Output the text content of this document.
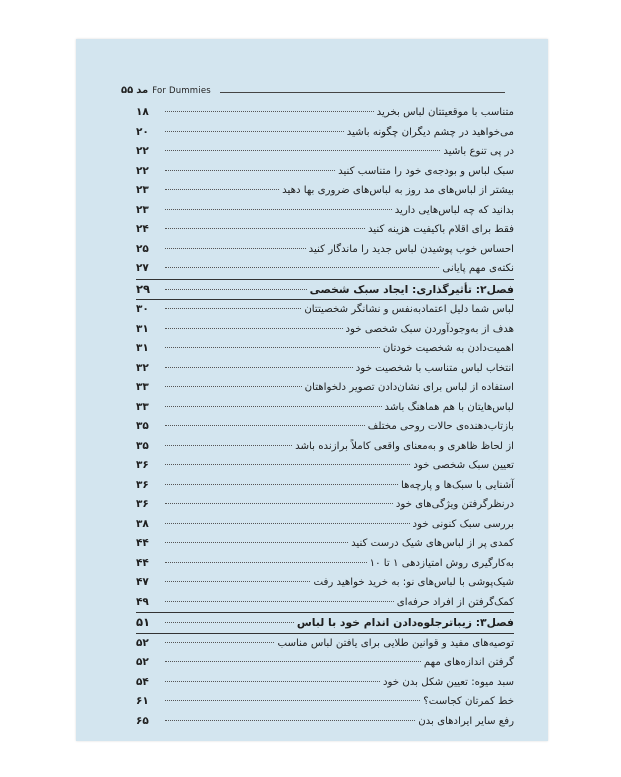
۵۵ مد For Dummies
متناسب با موقعیتتان لباس بخرید
۱۸
می‌خواهید در چشم دیگران چگونه باشید
۲۰
در پی تنوع باشید
۲۲
سبک لباس و بودجه‌ی خود را متناسب کنید
۲۲
بیشتر از لباس‌های مد روز به لباس‌های ضروری بها دهید
۲۳
بدانید که چه لباس‌هایی دارید
۲۳
فقط برای اقلام باکیفیت هزینه کنید
۲۴
احساس خوب پوشیدن لباس جدید را ماندگار کنید
۲۵
نکته‌ی مهم پایانی
۲۷
فصل۲: تأثیرگذاری: ایجاد سبک شخصی
۲۹
لباس شما دلیل اعتمادبه‌نفس و نشانگر شخصیتتان
۳۰
هدف از به‌وجودآوردن سبک شخصی خود
۳۱
اهمیت‌دادن به شخصیت خودتان
۳۱
انتخاب لباس متناسب با شخصیت خود
۳۲
استفاده از لباس برای نشان‌دادن تصویر دلخواهتان
۳۳
لباس‌هایتان با هم هماهنگ باشد
۳۳
بازتاب‌دهنده‌ی حالات روحی مختلف
۳۵
از لحاظ ظاهری و به‌معنای واقعی کاملاً برازنده باشد
۳۵
تعیین سبک شخصی خود
۳۶
آشنایی با سبک‌ها و پارچه‌ها
۳۶
درنظرگرفتن ویژگی‌های خود
۳۶
بررسی سبک کنونی خود
۳۸
کمدی پر از لباس‌های شیک درست کنید
۴۴
به‌کارگیری روش امتیازدهی ۱ تا ۱۰
۴۴
شیک‌پوشی با لباس‌های نو: به خرید خواهید رفت
۴۷
کمک‌گرفتن از افراد حرفه‌ای
۴۹
فصل۳: زیباترجلوه‌دادن اندام خود با لباس
۵۱
توصیه‌های مفید و قوانین طلایی برای یافتن لباس مناسب
۵۲
گرفتن اندازه‌های مهم
۵۲
سبد میوه: تعیین شکل بدن خود
۵۴
خط کمرتان کجاست؟
۶۱
رفع سایر ایرادهای بدن
۶۵
